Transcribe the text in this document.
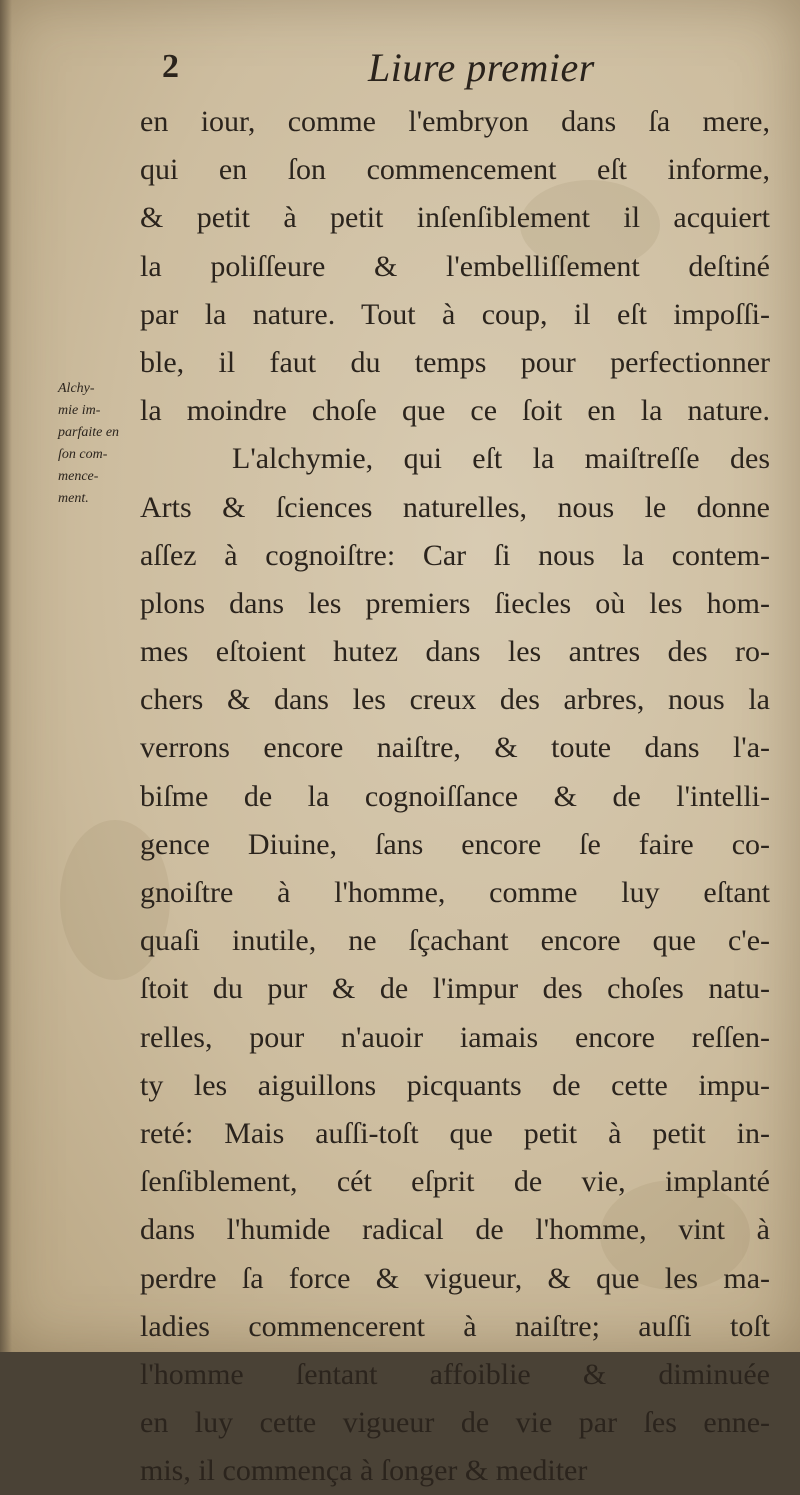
2	Liure premier
Alchy-
mie im-
parfaite en
ſon com-
mence-
ment.
en iour, comme l'embryon dans ſa mere,
qui en ſon commencement eſt informe,
& petit à petit inſenſiblement il acquiert
la poliſſeure & l'embelliſſement deſtiné
par la nature. Tout à coup, il eſt impoſſi-
ble, il faut du temps pour perfectionner
la moindre choſe que ce ſoit en la nature.
L'alchymie, qui eſt la maiſtreſſe des
Arts & ſciences naturelles, nous le donne
aſſez à cognoiſtre: Car ſi nous la contem-
plons dans les premiers ſiecles où les hom-
mes eſtoient hutez dans les antres des ro-
chers & dans les creux des arbres, nous la
verrons encore naiſtre, & toute dans l'a-
biſme de la cognoiſſance & de l'intelli-
gence Diuine, ſans encore ſe faire co-
gnoiſtre à l'homme, comme luy eſtant
quaſi inutile, ne ſçachant encore que c'e-
ſtoit du pur & de l'impur des choſes natu-
relles, pour n'auoir iamais encore reſſen-
ty les aiguillons picquants de cette impu-
reté: Mais auſſi-toſt que petit à petit in-
ſenſiblement, cét eſprit de vie, implanté
dans l'humide radical de l'homme, vint à
perdre ſa force & vigueur, & que les ma-
ladies commencerent à naiſtre; auſſi toſt
l'homme ſentant affoiblie & diminuée
en luy cette vigueur de vie par ſes enne-
mis, il commença à ſonger & mediter
